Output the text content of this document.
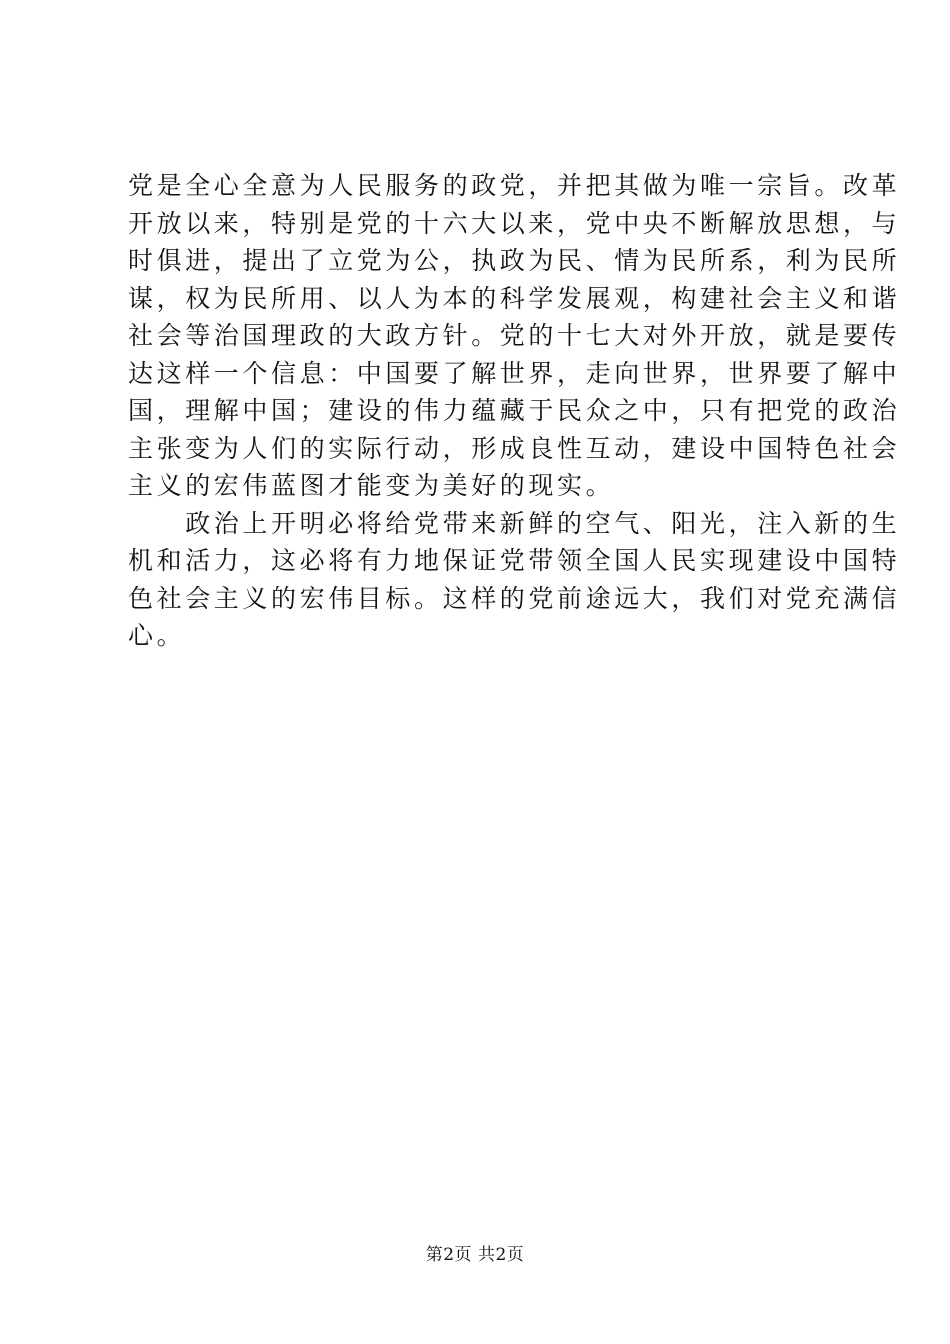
党是全心全意为人民服务的政党，并把其做为唯一宗旨。改革
开放以来，特别是党的十六大以来，党中央不断解放思想，与
时俱进，提出了立党为公，执政为民、情为民所系，利为民所
谋，权为民所用、以人为本的科学发展观，构建社会主义和谐
社会等治国理政的大政方针。党的十七大对外开放，就是要传
达这样一个信息：中国要了解世界，走向世界，世界要了解中
国，理解中国；建设的伟力蕴藏于民众之中，只有把党的政治
主张变为人们的实际行动，形成良性互动，建设中国特色社会
主义的宏伟蓝图才能变为美好的现实。
　　政治上开明必将给党带来新鲜的空气、阳光，注入新的生
机和活力，这必将有力地保证党带领全国人民实现建设中国特
色社会主义的宏伟目标。这样的党前途远大，我们对党充满信
心。
第2页 共2页
